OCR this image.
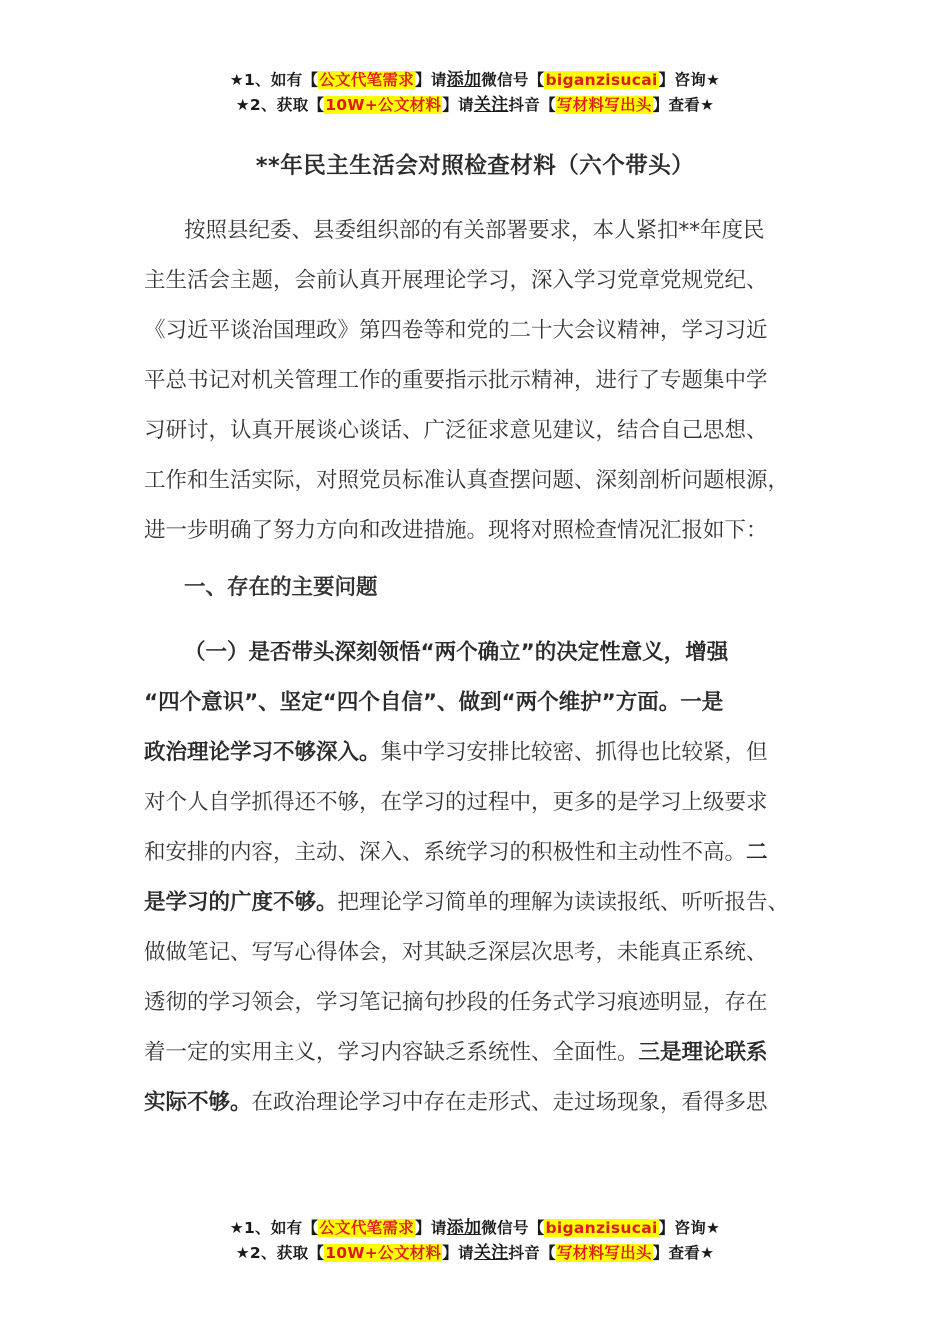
★1、如有【公文代笔需求】请添加微信号【biganzisucai】咨询★
★2、获取【10W+公文材料】请关注抖音【写材料写出头】查看★
**年民主生活会对照检查材料（六个带头）
按照县纪委、县委组织部的有关部署要求，本人紧扣**年度民
主生活会主题，会前认真开展理论学习，深入学习党章党规党纪、
《习近平谈治国理政》第四卷等和党的二十大会议精神，学习习近
平总书记对机关管理工作的重要指示批示精神，进行了专题集中学
习研讨，认真开展谈心谈话、广泛征求意见建议，结合自己思想、
工作和生活实际，对照党员标准认真查摆问题、深刻剖析问题根源，
进一步明确了努力方向和改进措施。现将对照检查情况汇报如下：
一、存在的主要问题
（一）是否带头深刻领悟“两个确立”的决定性意义，增强
“四个意识”、坚定“四个自信”、做到“两个维护”方面。一是
政治理论学习不够深入。集中学习安排比较密、抓得也比较紧，但
对个人自学抓得还不够，在学习的过程中，更多的是学习上级要求
和安排的内容，主动、深入、系统学习的积极性和主动性不高。二
是学习的广度不够。把理论学习简单的理解为读读报纸、听听报告、
做做笔记、写写心得体会，对其缺乏深层次思考，未能真正系统、
透彻的学习领会，学习笔记摘句抄段的任务式学习痕迹明显，存在
着一定的实用主义，学习内容缺乏系统性、全面性。三是理论联系
实际不够。在政治理论学习中存在走形式、走过场现象，看得多思
★1、如有【公文代笔需求】请添加微信号【biganzisucai】咨询★
★2、获取【10W+公文材料】请关注抖音【写材料写出头】查看★
